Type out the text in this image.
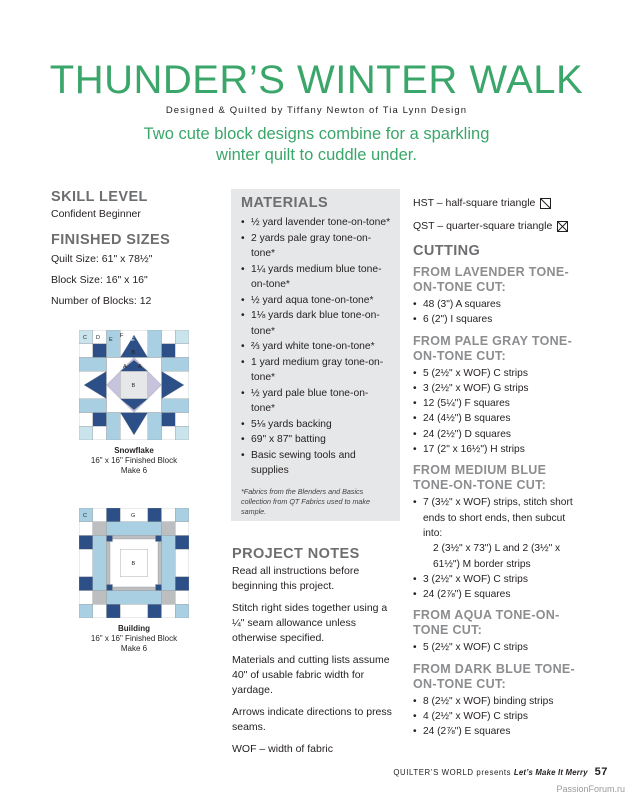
THUNDER’S WINTER WALK
Designed & Quilted by Tiffany Newton of Tia Lynn Design
Two cute block designs combine for a sparkling winter quilt to cuddle under.
SKILL LEVEL
Confident Beginner
FINISHED SIZES
Quilt Size: 61" x 78½"
Block Size: 16" x 16"
Number of Blocks: 12
C D E
F
E
B
A A
B
Snowflake
16" x 16" Finished Block
Make 6
C	G
B
Building
16" x 16" Finished Block
Make 6
MATERIALS
• ½ yard lavender tone-on-tone*
• 2 yards pale gray tone-on-tone*
• 1¼ yards medium blue tone-on-tone*
• ½ yard aqua tone-on-tone*
• 1⅛ yards dark blue tone-on-tone*
• ⅔ yard white tone-on-tone*
• 1 yard medium gray tone-on-tone*
• ½ yard pale blue tone-on-tone*
• 5⅛ yards backing
• 69" x 87" batting
• Basic sewing tools and supplies
*Fabrics from the Blenders and Basics collection from QT Fabrics used to make sample.
PROJECT NOTES

Read all instructions before beginning this project.

Stitch right sides together using a ¼" seam allowance unless otherwise specified.

Materials and cutting lists assume 40" of usable fabric width for yardage.

Arrows indicate directions to press seams.

WOF – width of fabric

HST – half-square triangle
QST – quarter-square triangle
CUTTING
FROM LAVENDER TONE-ON-TONE CUT:
• 48 (3") A squares
• 6 (2") I squares
FROM PALE GRAY TONE-ON-TONE CUT:
• 5 (2½" x WOF) C strips
• 3 (2½" x WOF) G strips
• 12 (5¼") F squares
• 24 (4½") B squares
• 24 (2½") D squares
• 17 (2" x 16½") H strips
FROM MEDIUM BLUE TONE-ON-TONE CUT:
• 7 (3½" x WOF) strips, stitch short ends to short ends, then subcut into:
2 (3½" x 73") L and 2 (3½" x 61½") M border strips
• 3 (2½" x WOF) C strips
• 24 (2⅞") E squares
FROM AQUA TONE-ON-TONE CUT:
• 5 (2½" x WOF) C strips
FROM DARK BLUE TONE-ON-TONE CUT:
• 8 (2½" x WOF) binding strips
• 4 (2½" x WOF) C strips
• 24 (2⅞") E squares
QUILTER’S WORLD presents Let’s Make It Merry 57
PassionForum.ru
